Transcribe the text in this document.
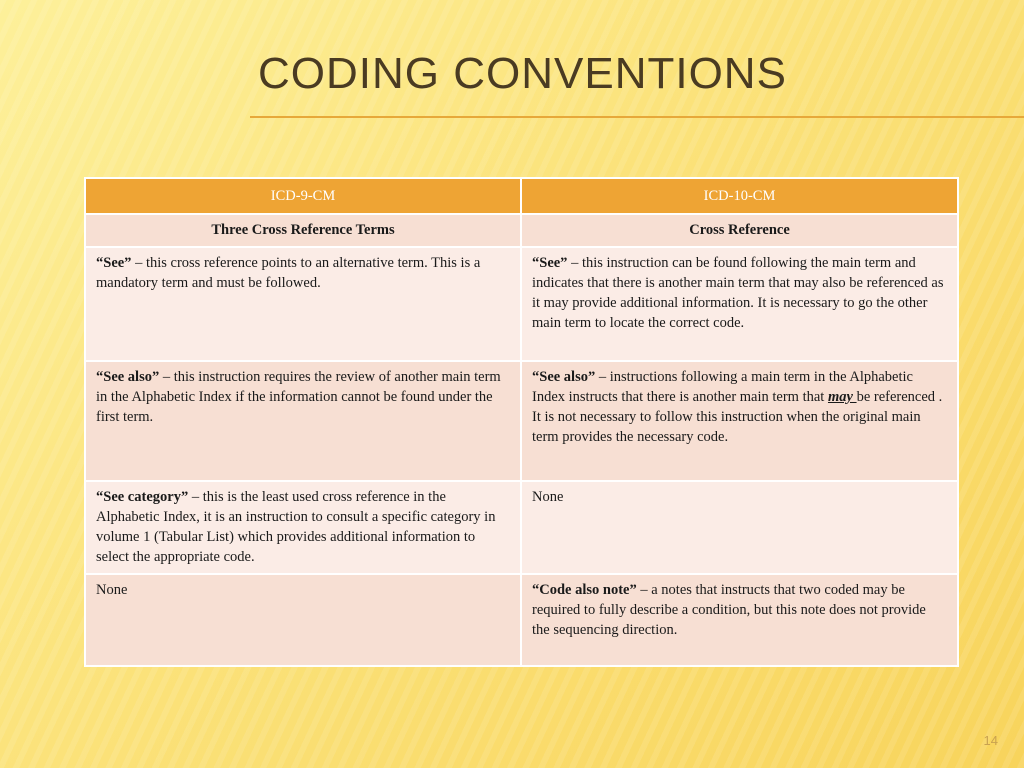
CODING CONVENTIONS
ICD-9-CM	ICD-10-CM
Three Cross Reference Terms	Cross Reference
“See” – this cross reference points to an alternative term. This is a mandatory term and must be followed.	“See” – this instruction can be found following the main term and indicates that there is another main term that may also be referenced as it may provide additional information. It is necessary to go the other main term to locate the correct code.
“See also” – this instruction requires the review of another main term in the Alphabetic Index if the information cannot be found under the first term.	“See also” – instructions following a main term in the Alphabetic Index instructs that there is another main term that may be referenced . It is not necessary to follow this instruction when the original main term provides the necessary code.
“See category” – this is the least used cross reference in the Alphabetic Index, it is an instruction to consult a specific category in volume 1 (Tabular List) which provides additional information to select the appropriate code.	None
None	“Code also note” – a notes that instructs that two coded may be required to fully describe a condition, but this note does not provide the sequencing direction.
14
